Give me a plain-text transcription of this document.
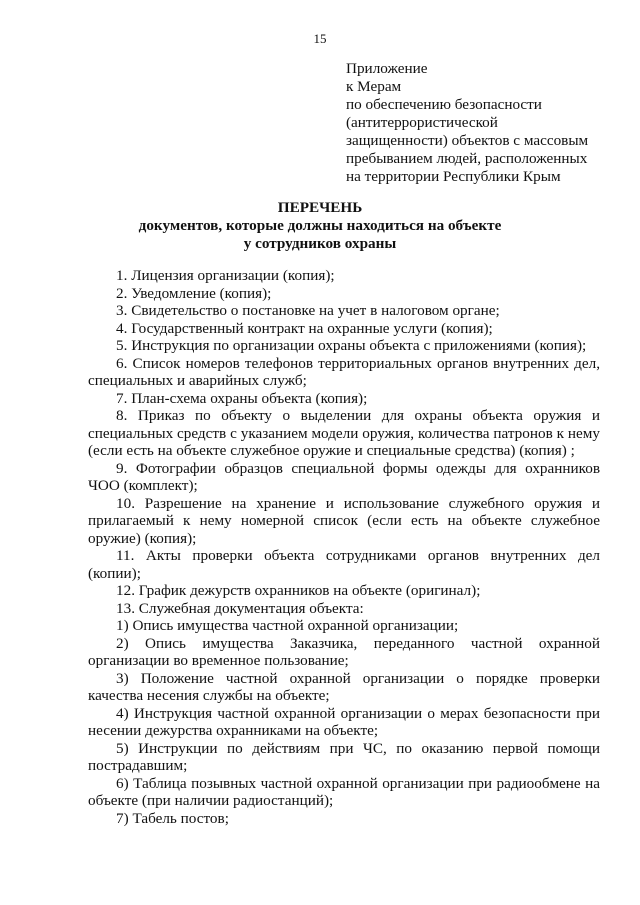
15
Приложение
к Мерам
по обеспечению безопасности
(антитеррористической
защищенности) объектов с массовым
пребыванием людей, расположенных
на территории Республики Крым
ПЕРЕЧЕНЬ
документов, которые должны находиться на объекте
у сотрудников охраны

1. Лицензия организации (копия);

2. Уведомление (копия);

3. Свидетельство о постановке на учет в налоговом органе;

4. Государственный контракт на охранные услуги (копия);

5. Инструкция по организации охраны объекта с приложениями (копия);

6. Список номеров телефонов территориальных органов внутренних дел, специальных и аварийных служб;

7. План-схема охраны объекта (копия);

8. Приказ по объекту о выделении для охраны объекта оружия и специальных средств с указанием модели оружия, количества патронов к нему (если есть на объекте служебное оружие и специальные средства) (копия) ;

9. Фотографии образцов специальной формы одежды для охранников ЧОО (комплект);

10. Разрешение на хранение и использование служебного оружия и прилагаемый к нему номерной список (если есть на объекте служебное оружие) (копия);

11. Акты проверки объекта сотрудниками органов внутренних дел (копии);

12. График дежурств охранников на объекте (оригинал);

13. Служебная документация объекта:

1) Опись имущества частной охранной организации;

2) Опись имущества Заказчика, переданного частной охранной организации во временное пользование;

3) Положение частной охранной организации о порядке проверки качества несения службы на объекте;

4) Инструкция частной охранной организации о мерах безопасности при несении дежурства охранниками на объекте;

5) Инструкции по действиям при ЧС, по оказанию первой помощи пострадавшим;

6) Таблица позывных частной охранной организации при радиообмене на объекте (при наличии радиостанций);

7) Табель постов;
